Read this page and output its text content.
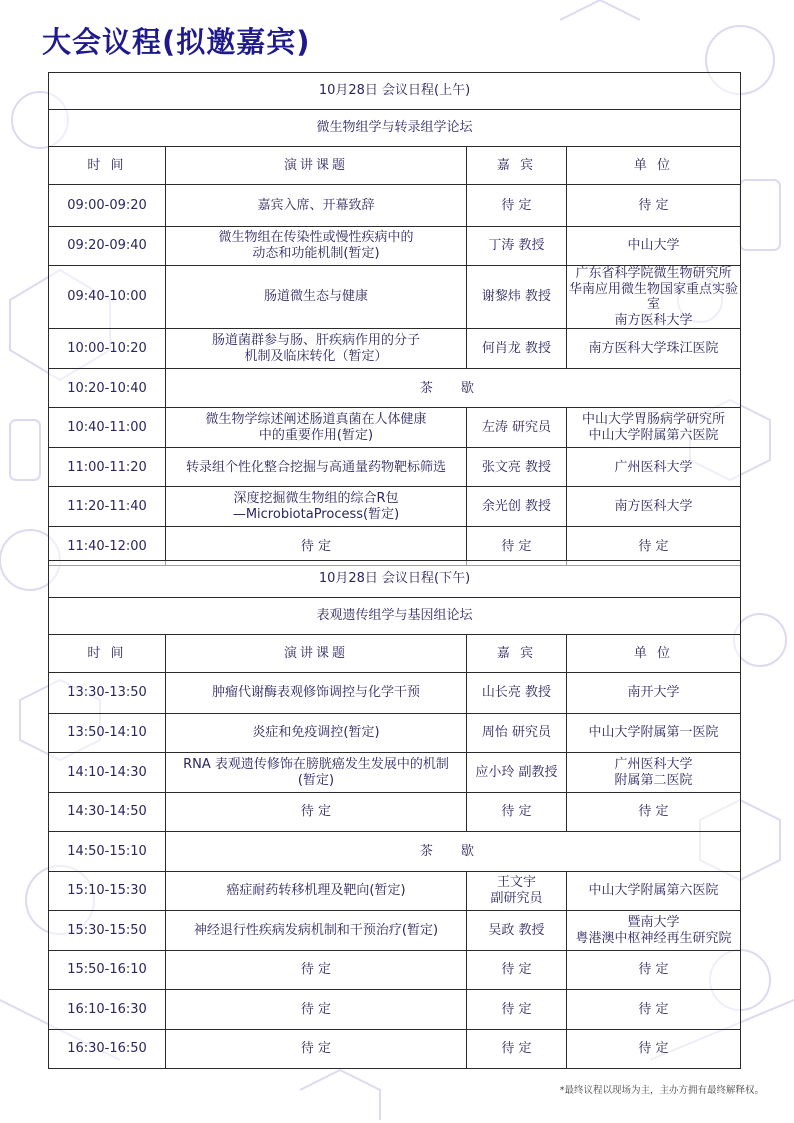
大会议程(拟邀嘉宾)
10月28日 会议日程(上午)			
微生物组学与转录组学论坛			
时 间	演讲课题	嘉 宾	单 位
09:00-09:20	嘉宾入席、开幕致辞	待 定	待 定
09:20-09:40	微生物组在传染性或慢性疾病中的
动态和功能机制(暂定)	丁涛 教授	中山大学
09:40-10:00	肠道微生态与健康	谢黎炜 教授	广东省科学院微生物研究所
华南应用微生物国家重点实验室
南方医科大学
10:00-10:20	肠道菌群参与肠、肝疾病作用的分子
机制及临床转化（暂定）	何肖龙 教授	南方医科大学珠江医院
10:20-10:40	茶 歇		
10:40-11:00	微生物学综述阐述肠道真菌在人体健康
中的重要作用(暂定)	左涛 研究员	中山大学胃肠病学研究所
中山大学附属第六医院
11:00-11:20	转录组个性化整合挖掘与高通量药物靶标筛选	张文亮 教授	广州医科大学
11:20-11:40	深度挖掘微生物组的综合R包
—MicrobiotaProcess(暂定)	余光创 教授	南方医科大学
11:40-12:00	待 定	待 定	待 定
10月28日 会议日程(下午)			
表观遗传组学与基因组论坛			
时 间	演讲课题	嘉 宾	单 位
13:30-13:50	肿瘤代谢酶表观修饰调控与化学干预	山长亮 教授	南开大学
13:50-14:10	炎症和免疫调控(暂定)	周怡 研究员	中山大学附属第一医院
14:10-14:30	RNA 表观遗传修饰在膀胱癌发生发展中的机制
(暂定)	应小玲 副教授	广州医科大学
附属第二医院
14:30-14:50	待 定	待 定	待 定
14:50-15:10	茶 歇		
15:10-15:30	癌症耐药转移机理及靶向(暂定)	王文宇
副研究员	中山大学附属第六医院
15:30-15:50	神经退行性疾病发病机制和干预治疗(暂定)	吴政 教授	暨南大学
粤港澳中枢神经再生研究院
15:50-16:10	待 定	待 定	待 定
16:10-16:30	待 定	待 定	待 定
16:30-16:50	待 定	待 定	待 定
*最终议程以现场为主，主办方拥有最终解释权。
